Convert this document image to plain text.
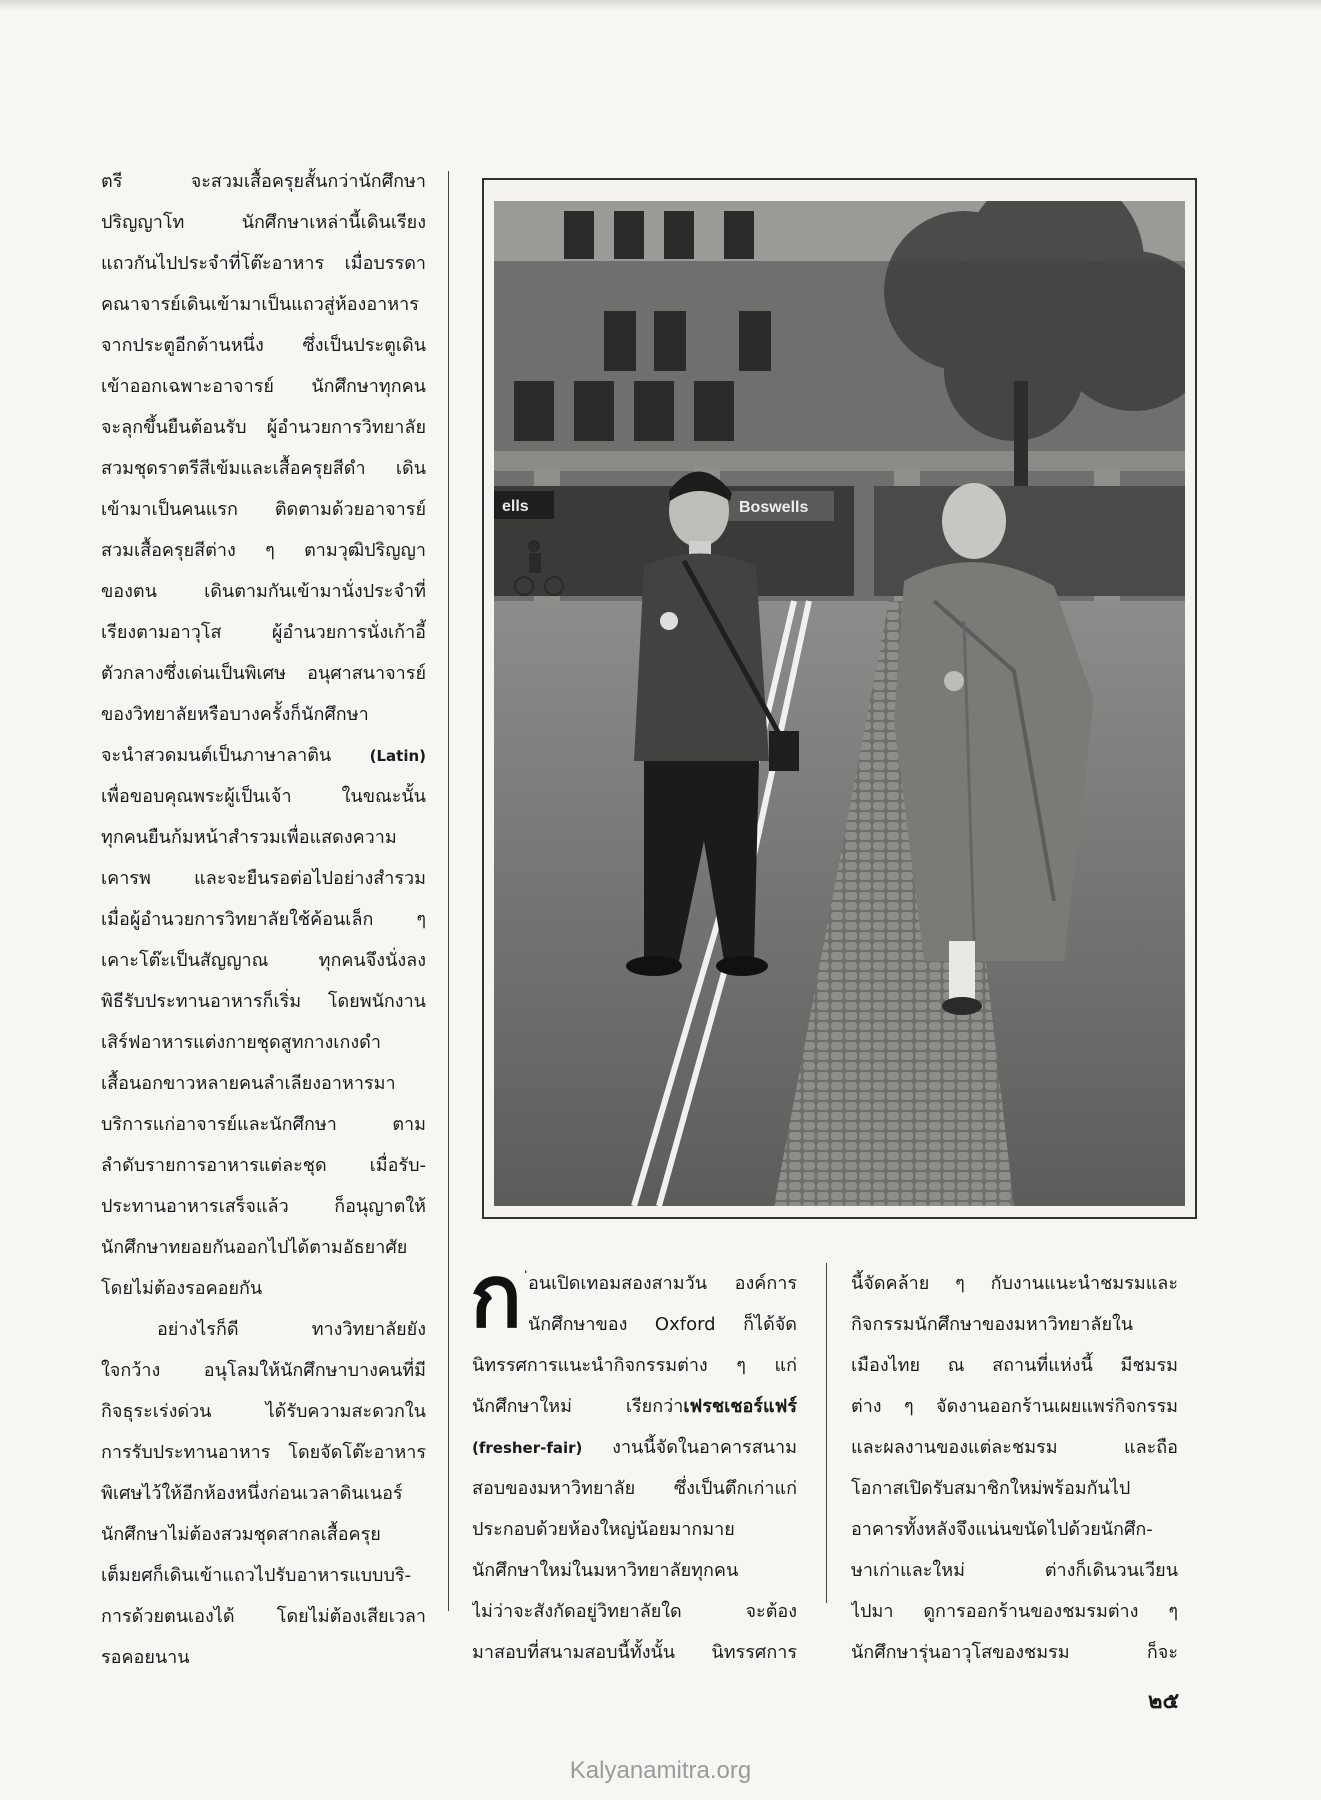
ตรี จะสวมเสื้อครุยสั้นกว่านักศึกษา
ปริญญาโท นักศึกษาเหล่านี้เดินเรียง
แถวกันไปประจำที่โต๊ะอาหาร เมื่อบรรดา
คณาจารย์เดินเข้ามาเป็นแถวสู่ห้องอาหาร
จากประตูอีกด้านหนึ่ง ซึ่งเป็นประตูเดิน
เข้าออกเฉพาะอาจารย์ นักศึกษาทุกคน
จะลุกขึ้นยืนต้อนรับ ผู้อำนวยการวิทยาลัย
สวมชุดราตรีสีเข้มและเสื้อครุยสีดำ เดิน
เข้ามาเป็นคนแรก ติดตามด้วยอาจารย์
สวมเสื้อครุยสีต่าง ๆ ตามวุฒิปริญญา
ของตน เดินตามกันเข้ามานั่งประจำที่
เรียงตามอาวุโส ผู้อำนวยการนั่งเก้าอี้
ตัวกลางซึ่งเด่นเป็นพิเศษ อนุศาสนาจารย์
ของวิทยาลัยหรือบางครั้งก็นักศึกษา
จะนำสวดมนต์เป็นภาษาลาติน	(Latin)
เพื่อขอบคุณพระผู้เป็นเจ้า ในขณะนั้น
ทุกคนยืนก้มหน้าสำรวมเพื่อแสดงความ
เคารพ และจะยืนรอต่อไปอย่างสำรวม
เมื่อผู้อำนวยการวิทยาลัยใช้ค้อนเล็ก ๆ
เคาะโต๊ะเป็นสัญญาณ ทุกคนจึงนั่งลง
พิธีรับประทานอาหารก็เริ่ม โดยพนักงาน
เสิร์ฟอาหารแต่งกายชุดสูทกางเกงดำ
เสื้อนอกขาวหลายคนลำเลียงอาหารมา
บริการแก่อาจารย์และนักศึกษา ตาม
ลำดับรายการอาหารแต่ละชุด เมื่อรับ-
ประทานอาหารเสร็จแล้ว ก็อนุญาตให้
นักศึกษาทยอยกันออกไปได้ตามอัธยาศัย
โดยไม่ต้องรอคอยกัน
อย่างไรก็ดี ทางวิทยาลัยยัง
ใจกว้าง อนุโลมให้นักศึกษาบางคนที่มี
กิจธุระเร่งด่วน ได้รับความสะดวกใน
การรับประทานอาหาร โดยจัดโต๊ะอาหาร
พิเศษไว้ให้อีกห้องหนึ่งก่อนเวลาดินเนอร์
นักศึกษาไม่ต้องสวมชุดสากลเสื้อครุย
เต็มยศก็เดินเข้าแถวไปรับอาหารแบบบริ-
การด้วยตนเองได้ โดยไม่ต้องเสียเวลา
รอคอยนาน
ells	Boswells
ก ่อนเปิดเทอมสองสามวัน องค์การ
นักศึกษาของ Oxford ก็ได้จัด
นิทรรศการแนะนำกิจกรรมต่าง ๆ แก่
นักศึกษาใหม่ เรียกว่าเฟรชเชอร์แฟร์
(fresher-fair) งานนี้จัดในอาคารสนาม
สอบของมหาวิทยาลัย ซึ่งเป็นตึกเก่าแก่
ประกอบด้วยห้องใหญ่น้อยมากมาย
นักศึกษาใหม่ในมหาวิทยาลัยทุกคน
ไม่ว่าจะสังกัดอยู่วิทยาลัยใด จะต้อง
มาสอบที่สนามสอบนี้ทั้งนั้น นิทรรศการ
นี้จัดคล้าย ๆ กับงานแนะนำชมรมและ
กิจกรรมนักศึกษาของมหาวิทยาลัยใน
เมืองไทย ณ สถานที่แห่งนี้ มีชมรม
ต่าง ๆ จัดงานออกร้านเผยแพร่กิจกรรม
และผลงานของแต่ละชมรม และถือ
โอกาสเปิดรับสมาชิกใหม่พร้อมกันไป
อาคารทั้งหลังจึงแน่นขนัดไปด้วยนักศึก-
ษาเก่าและใหม่ ต่างก็เดินวนเวียน
ไปมา ดูการออกร้านของชมรมต่าง ๆ
นักศึกษารุ่นอาวุโสของชมรม ก็จะ
๒๕
Kalyanamitra.org
